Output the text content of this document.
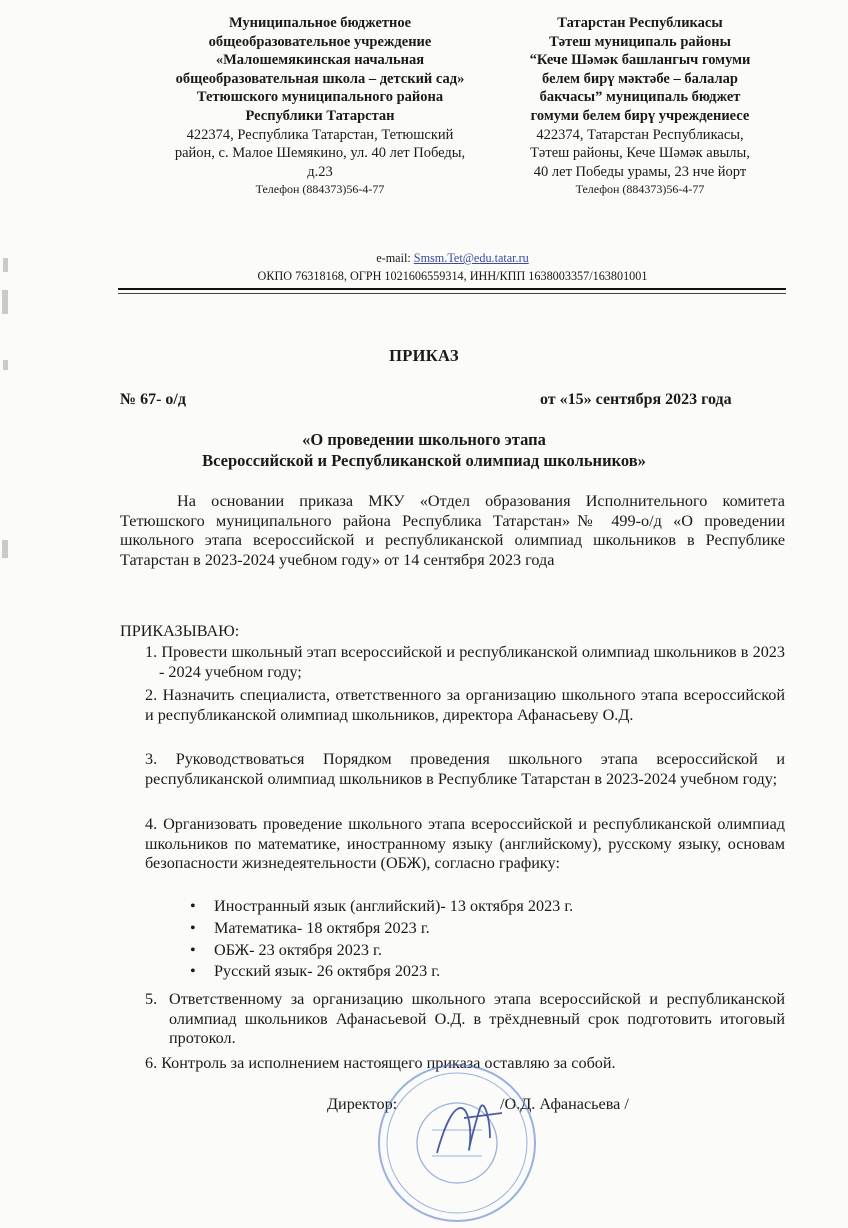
Муниципальное бюджетное
общеобразовательное учреждение
«Малошемякинская начальная
общеобразовательная школа – детский сад»
Тетюшского муниципального района
Республики Татарстан
422374, Республика Татарстан, Тетюшский
район, с. Малое Шемякино, ул. 40 лет Победы,
д.23
Телефон (884373)56-4-77
Татарстан Республикасы
Тәтеш муниципаль районы
“Кече Шәмәк башлангыч гомуми
белем бирү мәктәбе – балалар
бакчасы” муниципаль бюджет
гомуми белем бирү учреждениесе
422374, Татарстан Республикасы,
Тәтеш районы, Кече Шәмәк авылы,
40 лет Победы урамы, 23 нче йорт
Телефон (884373)56-4-77
e-mail: Smsm.Tet@edu.tatar.ru
ОКПО 76318168, ОГРН 1021606559314, ИНН/КПП 1638003357/163801001
ПРИКАЗ
№ 67- о/д	от «15» сентября 2023 года
«О проведении школьного этапа
Всероссийской и Республиканской олимпиад школьников»
На основании приказа МКУ «Отдел образования Исполнительного комитета Тетюшского муниципального района Республика Татарстан»№ 499-о/д «О проведении школьного этапа всероссийской и республиканской олимпиад школьников в Республике Татарстан в 2023-2024 учебном году» от 14 сентября 2023 года
ПРИКАЗЫВАЮ:
1. Провести школьный этап всероссийской и республиканской олимпиад школьников в 2023 - 2024 учебном году;
2. Назначить специалиста, ответственного за организацию школьного этапа всероссийской и республиканской олимпиад школьников, директора Афанасьеву О.Д.
3. Руководствоваться Порядком проведения школьного этапа всероссийской и республиканской олимпиад школьников в Республике Татарстан в 2023-2024 учебном году;
4. Организовать проведение школьного этапа всероссийской и республиканской олимпиад школьников по математике, иностранному языку (английскому), русскому языку, основам безопасности жизнедеятельности (ОБЖ), согласно графику:
• Иностранный язык (английский)- 13 октября 2023 г.
• Математика- 18 октября 2023 г.
• ОБЖ- 23 октября 2023 г.
• Русский язык- 26 октября 2023 г.
5. Ответственному за организацию школьного этапа всероссийской и республиканской олимпиад школьников Афанасьевой О.Д. в трёхдневный срок подготовить итоговый протокол.
6. Контроль за исполнением настоящего приказа оставляю за собой.
Директор:	/О.Д. Афанасьева /
